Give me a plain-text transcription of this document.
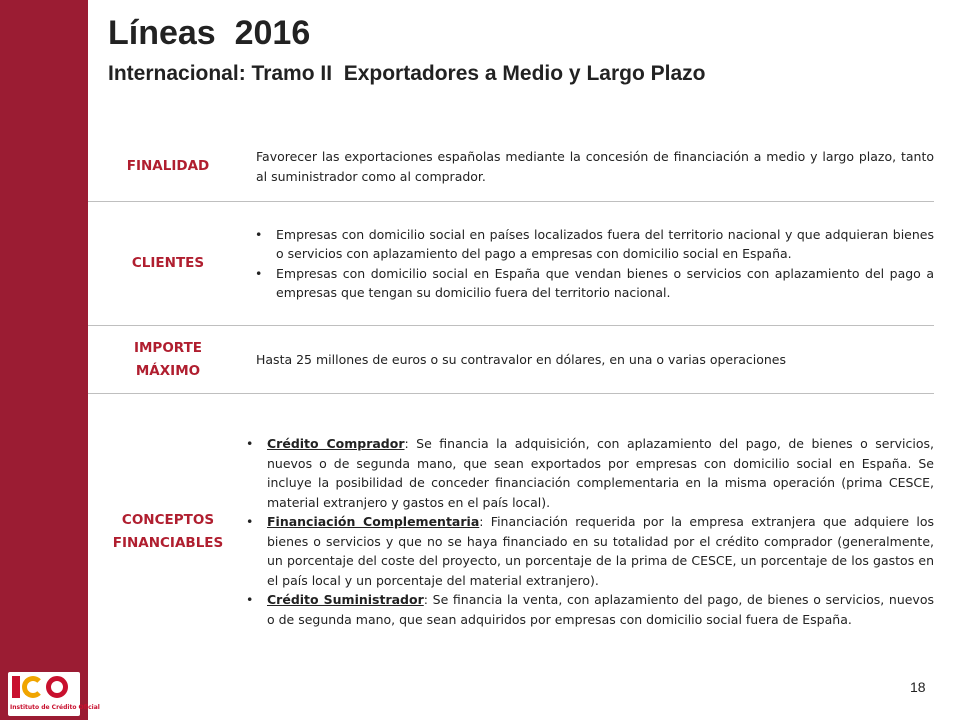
Líneas  2016
Internacional: Tramo II  Exportadores a Medio y Largo Plazo
FINALIDAD

Favorecer las exportaciones españolas mediante la concesión de financiación a medio y largo plazo, tanto al suministrador como al comprador.

CLIENTES
• Empresas con domicilio social en países localizados fuera del territorio nacional y que adquieran bienes o servicios con aplazamiento del pago a empresas con domicilio social en España.
• Empresas con domicilio social en España que vendan bienes o servicios con aplazamiento del pago a empresas que tengan su domicilio fuera del territorio nacional.
IMPORTE
MÁXIMO

Hasta 25 millones de euros o su contravalor en dólares, en una o varias operaciones

CONCEPTOS
FINANCIABLES
• Crédito Comprador: Se financia la adquisición, con aplazamiento del pago, de bienes o servicios, nuevos o de segunda mano, que sean exportados por empresas con domicilio social en España. Se incluye la posibilidad de conceder financiación complementaria en la misma operación (prima CESCE, material extranjero y gastos en el país local).
• Financiación Complementaria: Financiación requerida por la empresa extranjera que adquiere los bienes o servicios y que no se haya financiado en su totalidad por el crédito comprador (generalmente, un porcentaje del coste del proyecto, un porcentaje de la prima de CESCE, un porcentaje de los gastos en el país local y un porcentaje del material extranjero).
• Crédito Suministrador: Se financia la venta, con aplazamiento del pago, de bienes o servicios, nuevos o de segunda mano, que sean adquiridos por empresas con domicilio social fuera de España.
Instituto de Crédito Oficial
18
